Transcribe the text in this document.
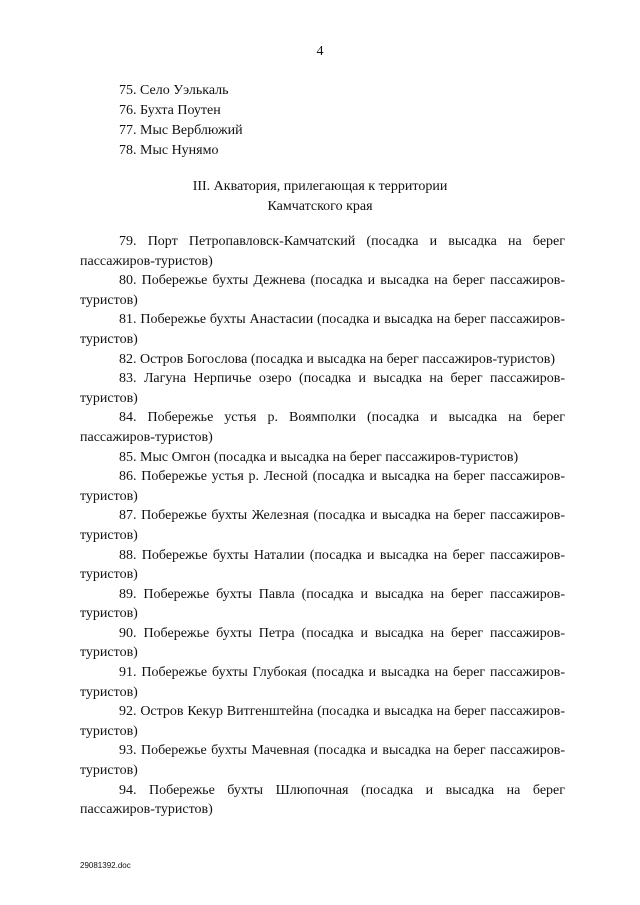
4
75. Село Уэлькаль
76. Бухта Поутен
77. Мыс Верблюжий
78. Мыс Нунямо
III. Акватория, прилегающая к территории
Камчатского края

79. Порт Петропавловск-Камчатский (посадка и высадка на берег пассажиров-туристов)

80. Побережье бухты Дежнева (посадка и высадка на берег пассажиров-туристов)

81. Побережье бухты Анастасии (посадка и высадка на берег пассажиров-туристов)

82. Остров Богослова (посадка и высадка на берег пассажиров-туристов)

83. Лагуна Нерпичье озеро (посадка и высадка на берег пассажиров-туристов)

84. Побережье устья р. Воямполки (посадка и высадка на берег пассажиров-туристов)

85. Мыс Омгон (посадка и высадка на берег пассажиров-туристов)

86. Побережье устья р. Лесной (посадка и высадка на берег пассажиров-туристов)

87. Побережье бухты Железная (посадка и высадка на берег пассажиров-туристов)

88. Побережье бухты Наталии (посадка и высадка на берег пассажиров-туристов)

89. Побережье бухты Павла (посадка и высадка на берег пассажиров-туристов)

90. Побережье бухты Петра (посадка и высадка на берег пассажиров-туристов)

91. Побережье бухты Глубокая (посадка и высадка на берег пассажиров-туристов)

92. Остров Кекур Витгенштейна (посадка и высадка на берег пассажиров-туристов)

93. Побережье бухты Мачевная (посадка и высадка на берег пассажиров-туристов)

94. Побережье бухты Шлюпочная (посадка и высадка на берег пассажиров-туристов)

29081392.doc
